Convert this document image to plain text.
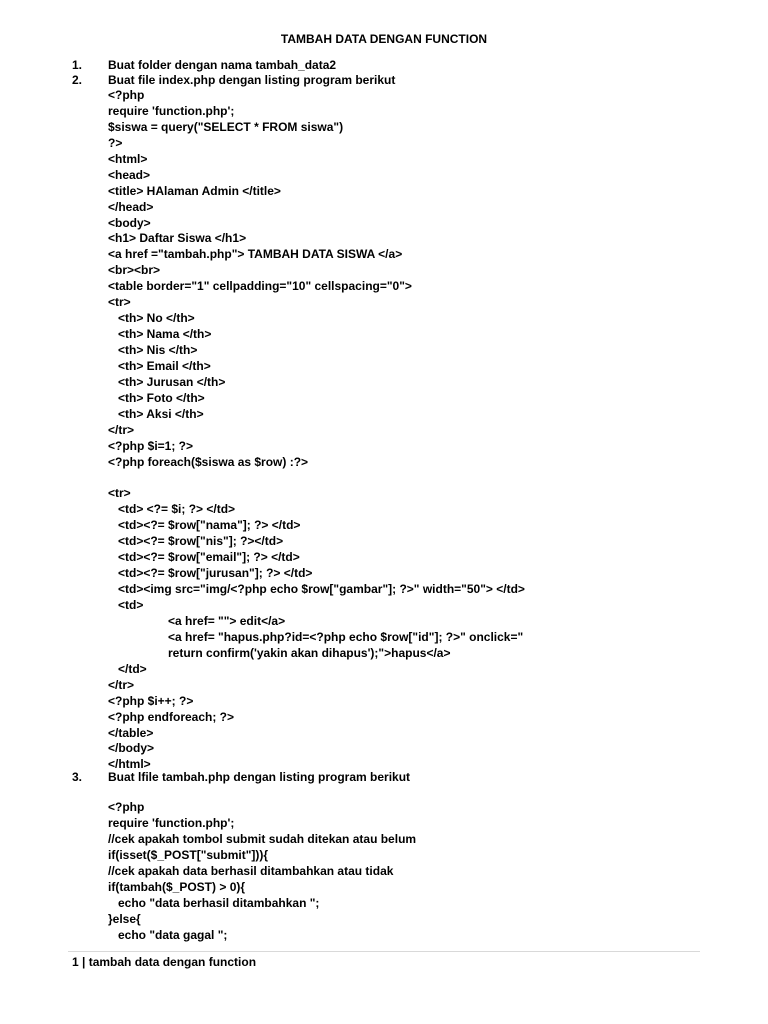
TAMBAH DATA DENGAN FUNCTION
1. Buat folder dengan nama tambah_data2
2. Buat file index.php dengan listing program berikut
<?php
require 'function.php';
$siswa = query("SELECT * FROM siswa")
?>
<html>
<head>
<title> HAlaman Admin </title>
</head>
<body>
<h1> Daftar Siswa </h1>
<a href ="tambah.php"> TAMBAH DATA SISWA </a>
<br><br>
<table border="1" cellpadding="10" cellspacing="0">
<tr>
<th> No </th>
<th> Nama </th>
<th> Nis </th>
<th> Email </th>
<th> Jurusan </th>
<th> Foto </th>
<th> Aksi </th>
</tr>
<?php $i=1; ?>
<?php foreach($siswa as $row) :?>
<tr>
<td> <?= $i; ?> </td>
<td><?= $row["nama"]; ?> </td>
<td><?= $row["nis"]; ?></td>
<td><?= $row["email"]; ?> </td>
<td><?= $row["jurusan"]; ?> </td>
<td><img src="img/<?php echo $row["gambar"]; ?>" width="50"> </td>
<td>
<a href= ""> edit</a>
<a href= "hapus.php?id=<?php echo $row["id"]; ?>" onclick="
return confirm('yakin akan dihapus');">hapus</a>
</td>
</tr>
<?php $i++; ?>
<?php endforeach; ?>
</table>
</body>
</html>
3. Buat lfile tambah.php dengan listing program berikut
<?php
require 'function.php';
//cek apakah tombol submit sudah ditekan atau belum
if(isset($_POST["submit"])){
//cek apakah data berhasil ditambahkan atau tidak
if(tambah($_POST) > 0){
echo "data berhasil ditambahkan ";
}else{
echo "data gagal ";
1 | tambah data dengan function
